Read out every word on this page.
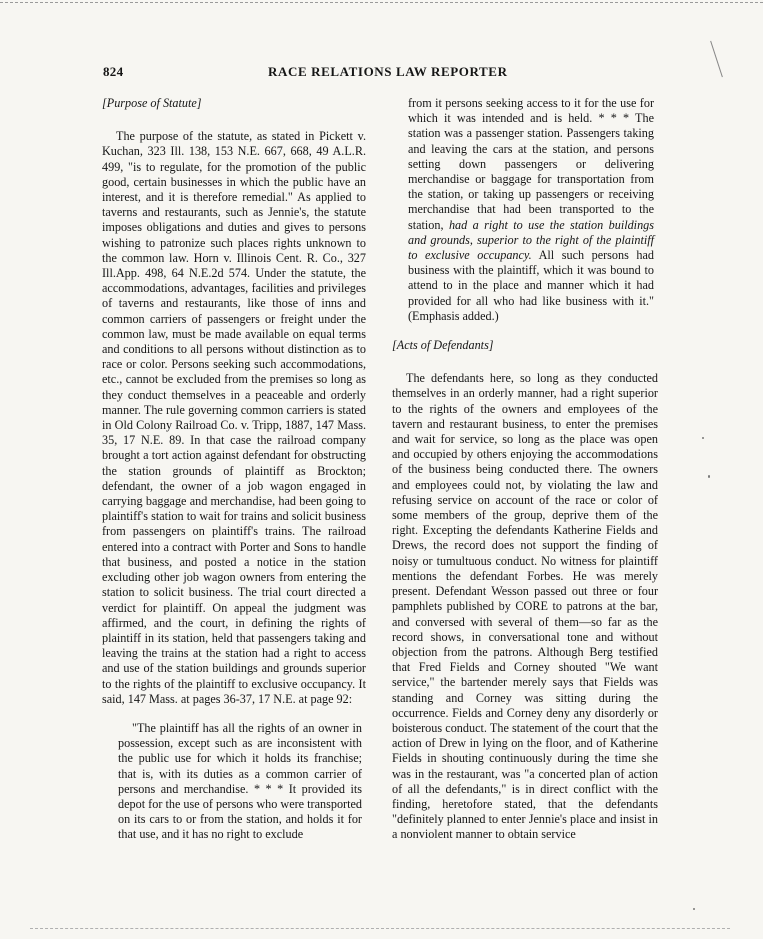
824	RACE RELATIONS LAW REPORTER

[Purpose of Statute]

The purpose of the statute, as stated in Pickett v. Kuchan, 323 Ill. 138, 153 N.E. 667, 668, 49 A.L.R. 499, "is to regulate, for the promotion of the public good, certain businesses in which the public have an interest, and it is therefore remedial." As applied to taverns and restaurants, such as Jennie's, the statute imposes obligations and duties and gives to persons wishing to patronize such places rights unknown to the common law. Horn v. Illinois Cent. R. Co., 327 Ill.App. 498, 64 N.E.2d 574. Under the statute, the accommodations, advantages, facilities and privileges of taverns and restaurants, like those of inns and common carriers of passengers or freight under the common law, must be made available on equal terms and conditions to all persons without distinction as to race or color. Persons seeking such accommodations, etc., cannot be excluded from the premises so long as they conduct themselves in a peaceable and orderly manner. The rule governing common carriers is stated in Old Colony Railroad Co. v. Tripp, 1887, 147 Mass. 35, 17 N.E. 89. In that case the railroad company brought a tort action against defendant for obstructing the station grounds of plaintiff as Brockton; defendant, the owner of a job wagon engaged in carrying baggage and merchandise, had been going to plaintiff's station to wait for trains and solicit business from passengers on plaintiff's trains. The railroad entered into a contract with Porter and Sons to handle that business, and posted a notice in the station excluding other job wagon owners from entering the station to solicit business. The trial court directed a verdict for plaintiff. On appeal the judgment was affirmed, and the court, in defining the rights of plaintiff in its station, held that passengers taking and leaving the trains at the station had a right to access and use of the station buildings and grounds superior to the rights of the plaintiff to exclusive occupancy. It said, 147 Mass. at pages 36-37, 17 N.E. at page 92:

"The plaintiff has all the rights of an owner in possession, except such as are inconsistent with the public use for which it holds its franchise; that is, with its duties as a common carrier of persons and merchandise. * * * It provided its depot for the use of persons who were transported on its cars to or from the station, and holds it for that use, and it has no right to exclude

from it persons seeking access to it for the use for which it was intended and is held. * * * The station was a passenger station. Passengers taking and leaving the cars at the station, and persons setting down passengers or delivering merchandise or baggage for transportation from the station, or taking up passengers or receiving merchandise that had been transported to the station, had a right to use the station buildings and grounds, superior to the right of the plaintiff to exclusive occupancy. All such persons had business with the plaintiff, which it was bound to attend to in the place and manner which it had provided for all who had like business with it." (Emphasis added.)

[Acts of Defendants]

The defendants here, so long as they conducted themselves in an orderly manner, had a right superior to the rights of the owners and employees of the tavern and restaurant business, to enter the premises and wait for service, so long as the place was open and occupied by others enjoying the accommodations of the business being conducted there. The owners and employees could not, by violating the law and refusing service on account of the race or color of some members of the group, deprive them of the right. Excepting the defendants Katherine Fields and Drews, the record does not support the finding of noisy or tumultuous conduct. No witness for plaintiff mentions the defendant Forbes. He was merely present. Defendant Wesson passed out three or four pamphlets published by CORE to patrons at the bar, and conversed with several of them—so far as the record shows, in conversational tone and without objection from the patrons. Although Berg testified that Fred Fields and Corney shouted "We want service," the bartender merely says that Fields was standing and Corney was sitting during the occurrence. Fields and Corney deny any disorderly or boisterous conduct. The statement of the court that the action of Drew in lying on the floor, and of Katherine Fields in shouting continuously during the time she was in the restaurant, was "a concerted plan of action of all the defendants," is in direct conflict with the finding, heretofore stated, that the defendants "definitely planned to enter Jennie's place and insist in a nonviolent manner to obtain service
